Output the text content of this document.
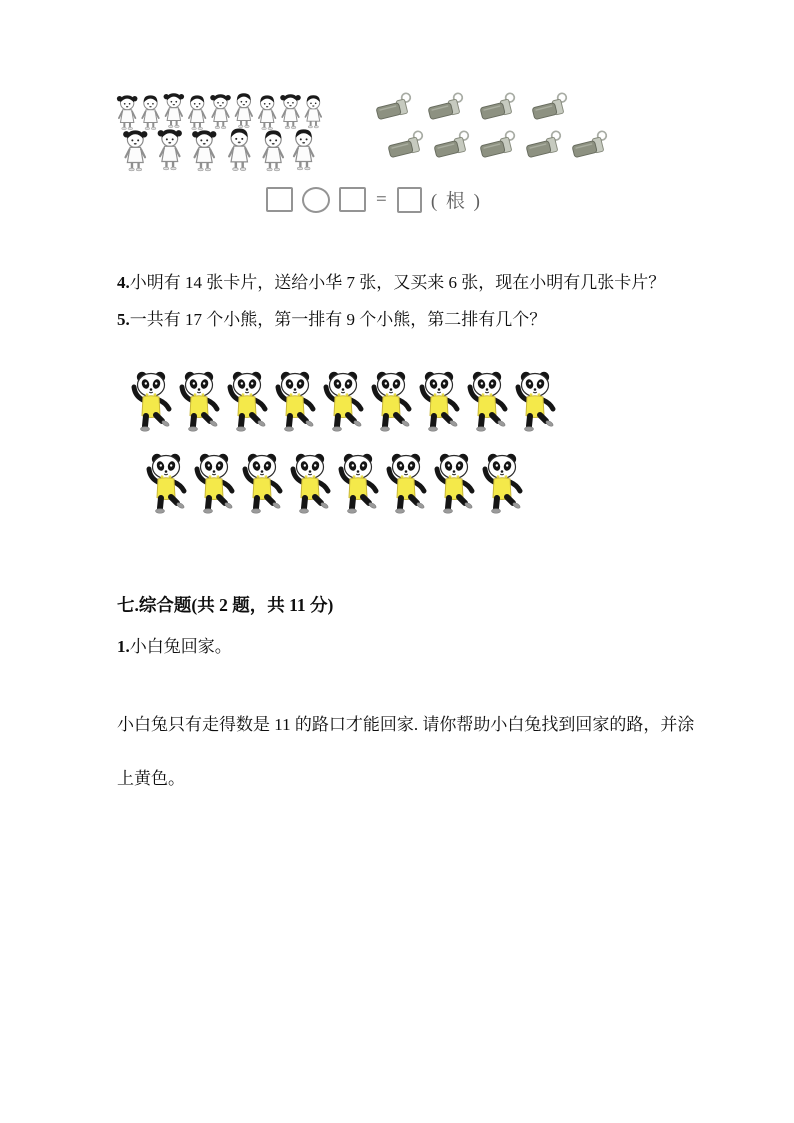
= ( 根 )

4.小明有 14 张卡片，送给小华 7 张，又买来 6 张，现在小明有几张卡片？

5.一共有 17 个小熊，第一排有 9 个小熊，第二排有几个？

七.综合题(共 2 题，共 11 分)

1.小白兔回家。

小白兔只有走得数是 11 的路口才能回家. 请你帮助小白兔找到回家的路，并涂

上黄色。
